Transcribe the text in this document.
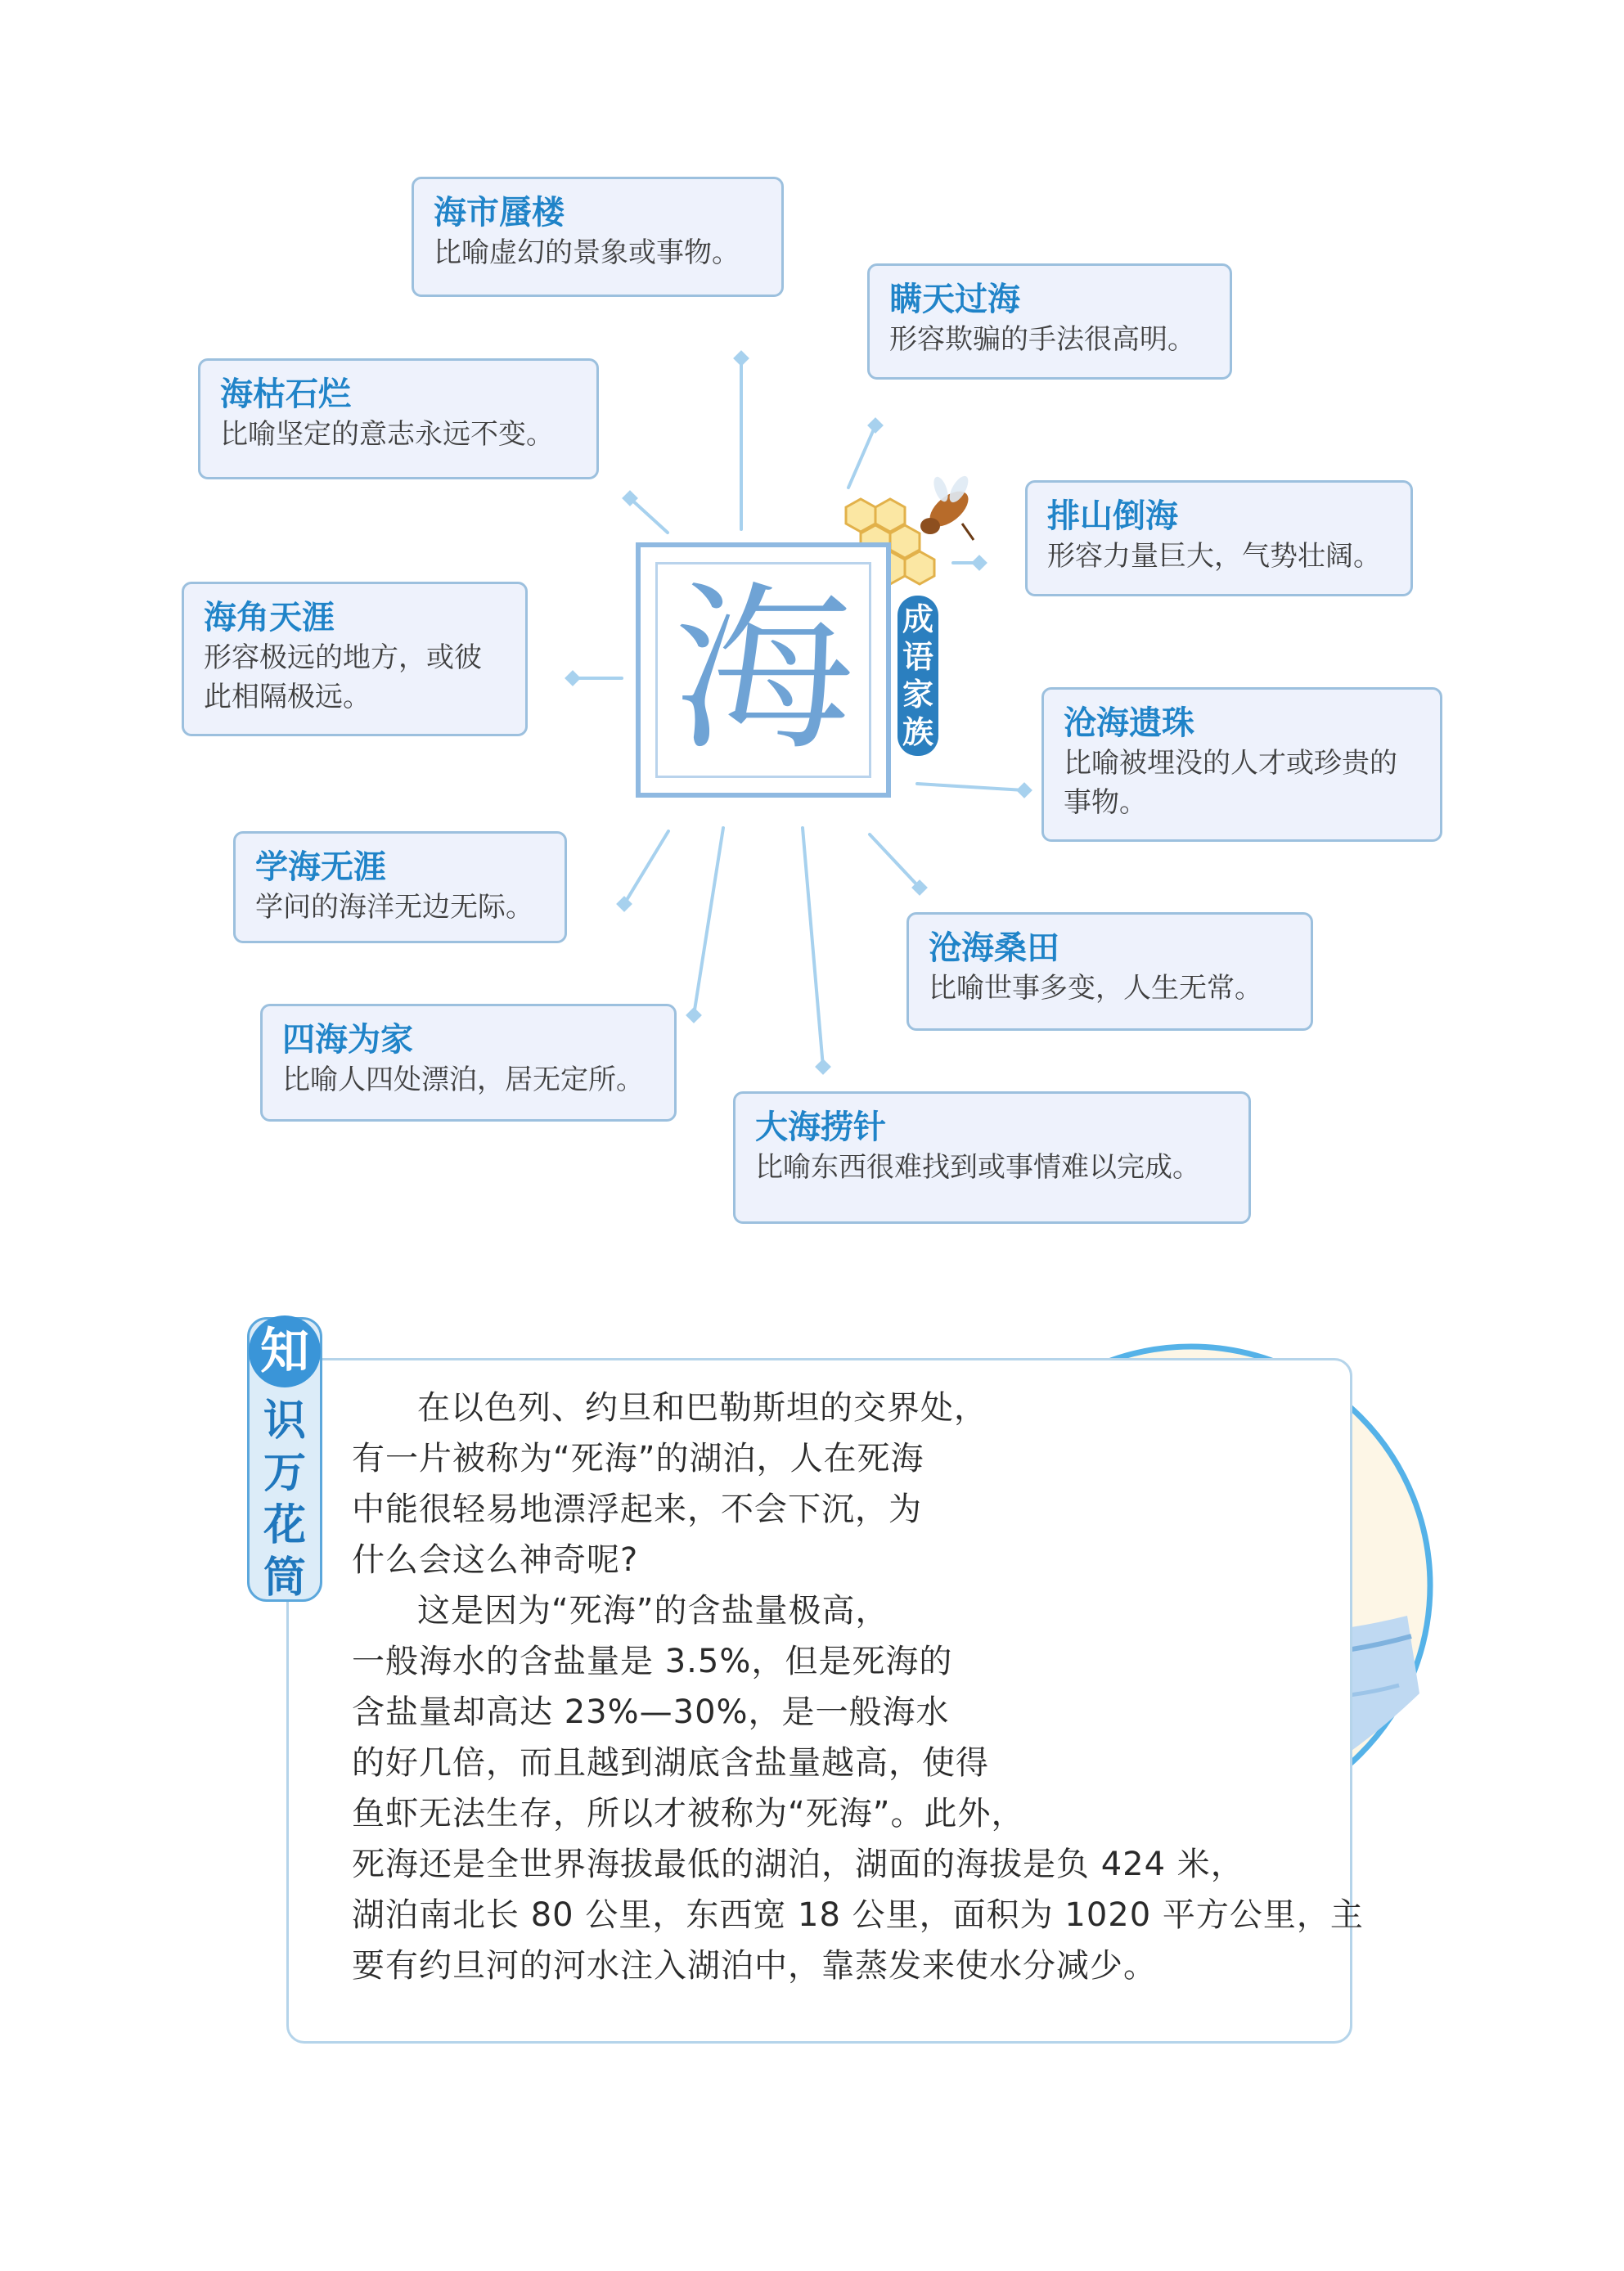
海	成语家族
海市蜃楼
比喻虚幻的景象或事物。
瞒天过海
形容欺骗的手法很高明。
海枯石烂
比喻坚定的意志永远不变。
排山倒海
形容力量巨大，气势壮阔。
海角天涯
形容极远的地方，或彼此相隔极远。
沧海遗珠
比喻被埋没的人才或珍贵的事物。
学海无涯
学问的海洋无边无际。
沧海桑田
比喻世事多变，人生无常。
四海为家
比喻人四处漂泊，居无定所。
大海捞针
比喻东西很难找到或事情难以完成。
知
识万花筒
在以色列、约旦和巴勒斯坦的交界处，
有一片被称为“死海”的湖泊，人在死海
中能很轻易地漂浮起来，不会下沉，为
什么会这么神奇呢?
这是因为“死海”的含盐量极高，
一般海水的含盐量是 3.5%，但是死海的
含盐量却高达 23%—30%，是一般海水
的好几倍，而且越到湖底含盐量越高，使得
鱼虾无法生存，所以才被称为“死海”。此外，
死海还是全世界海拔最低的湖泊，湖面的海拔是负 424 米，
湖泊南北长 80 公里，东西宽 18 公里，面积为 1020 平方公里，主
要有约旦河的河水注入湖泊中，靠蒸发来使水分减少。
